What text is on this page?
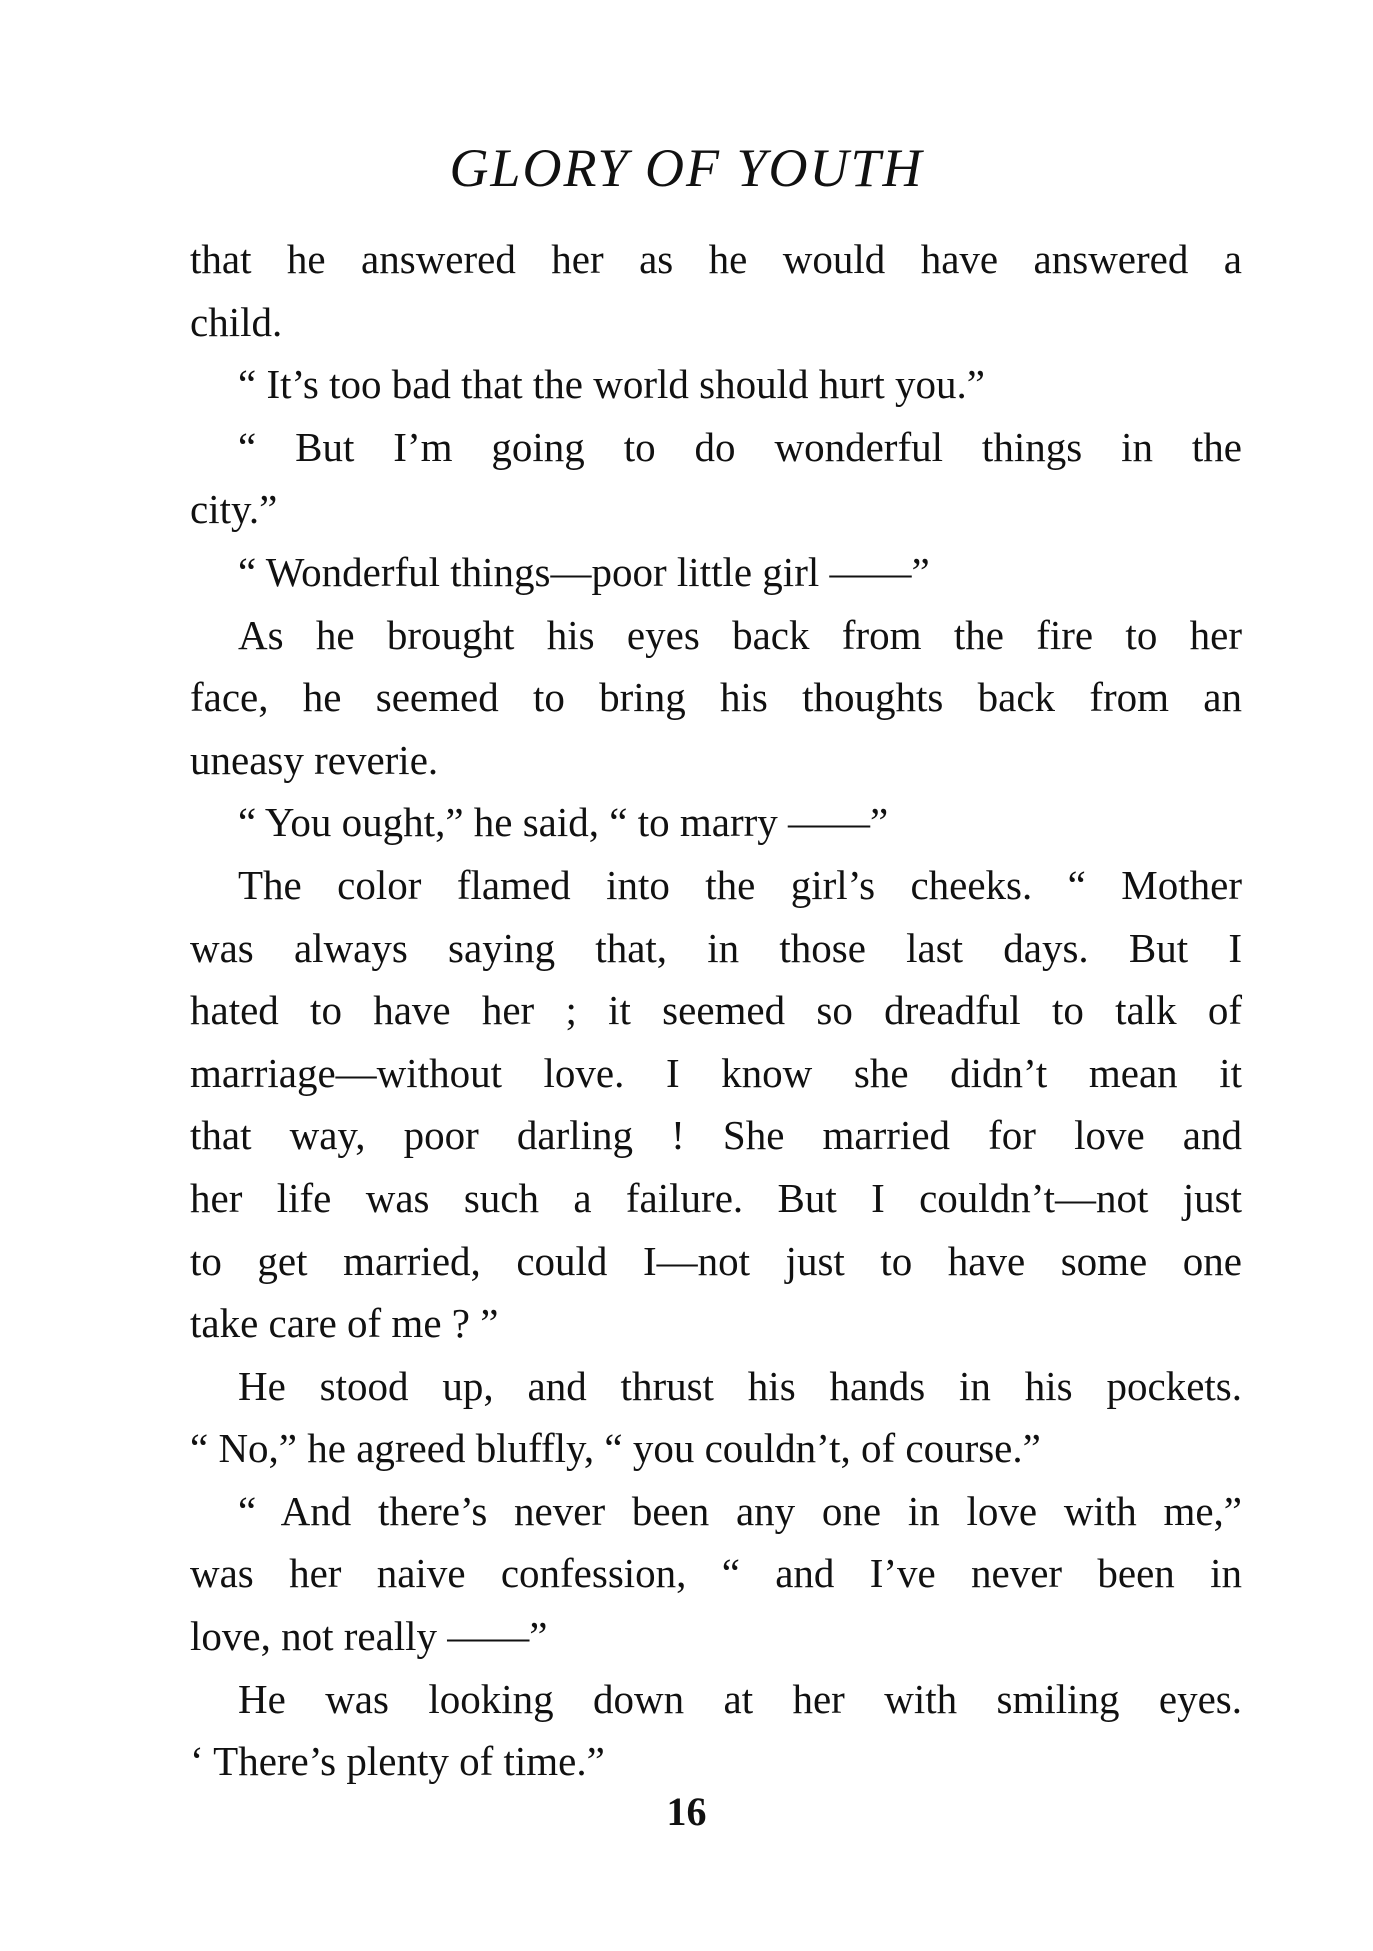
GLORY OF YOUTH
that he answered her as he would have answered a
child.
“ It’s too bad that the world should hurt you.”
“ But I’m going to do wonderful things in the
city.”
“ Wonderful things—poor little girl ——”
As he brought his eyes back from the fire to her
face, he seemed to bring his thoughts back from an
uneasy reverie.
“ You ought,” he said, “ to marry ——”
The color flamed into the girl’s cheeks. “ Mother
was always saying that, in those last days. But I
hated to have her ; it seemed so dreadful to talk of
marriage—without love. I know she didn’t mean it
that way, poor darling ! She married for love and
her life was such a failure. But I couldn’t—not just
to get married, could I—not just to have some one
take care of me ? ”
He stood up, and thrust his hands in his pockets.
“ No,” he agreed bluffly, “ you couldn’t, of course.”
“ And there’s never been any one in love with me,”
was her naive confession, “ and I’ve never been in
love, not really ——”
He was looking down at her with smiling eyes.
‘ There’s plenty of time.”
16
